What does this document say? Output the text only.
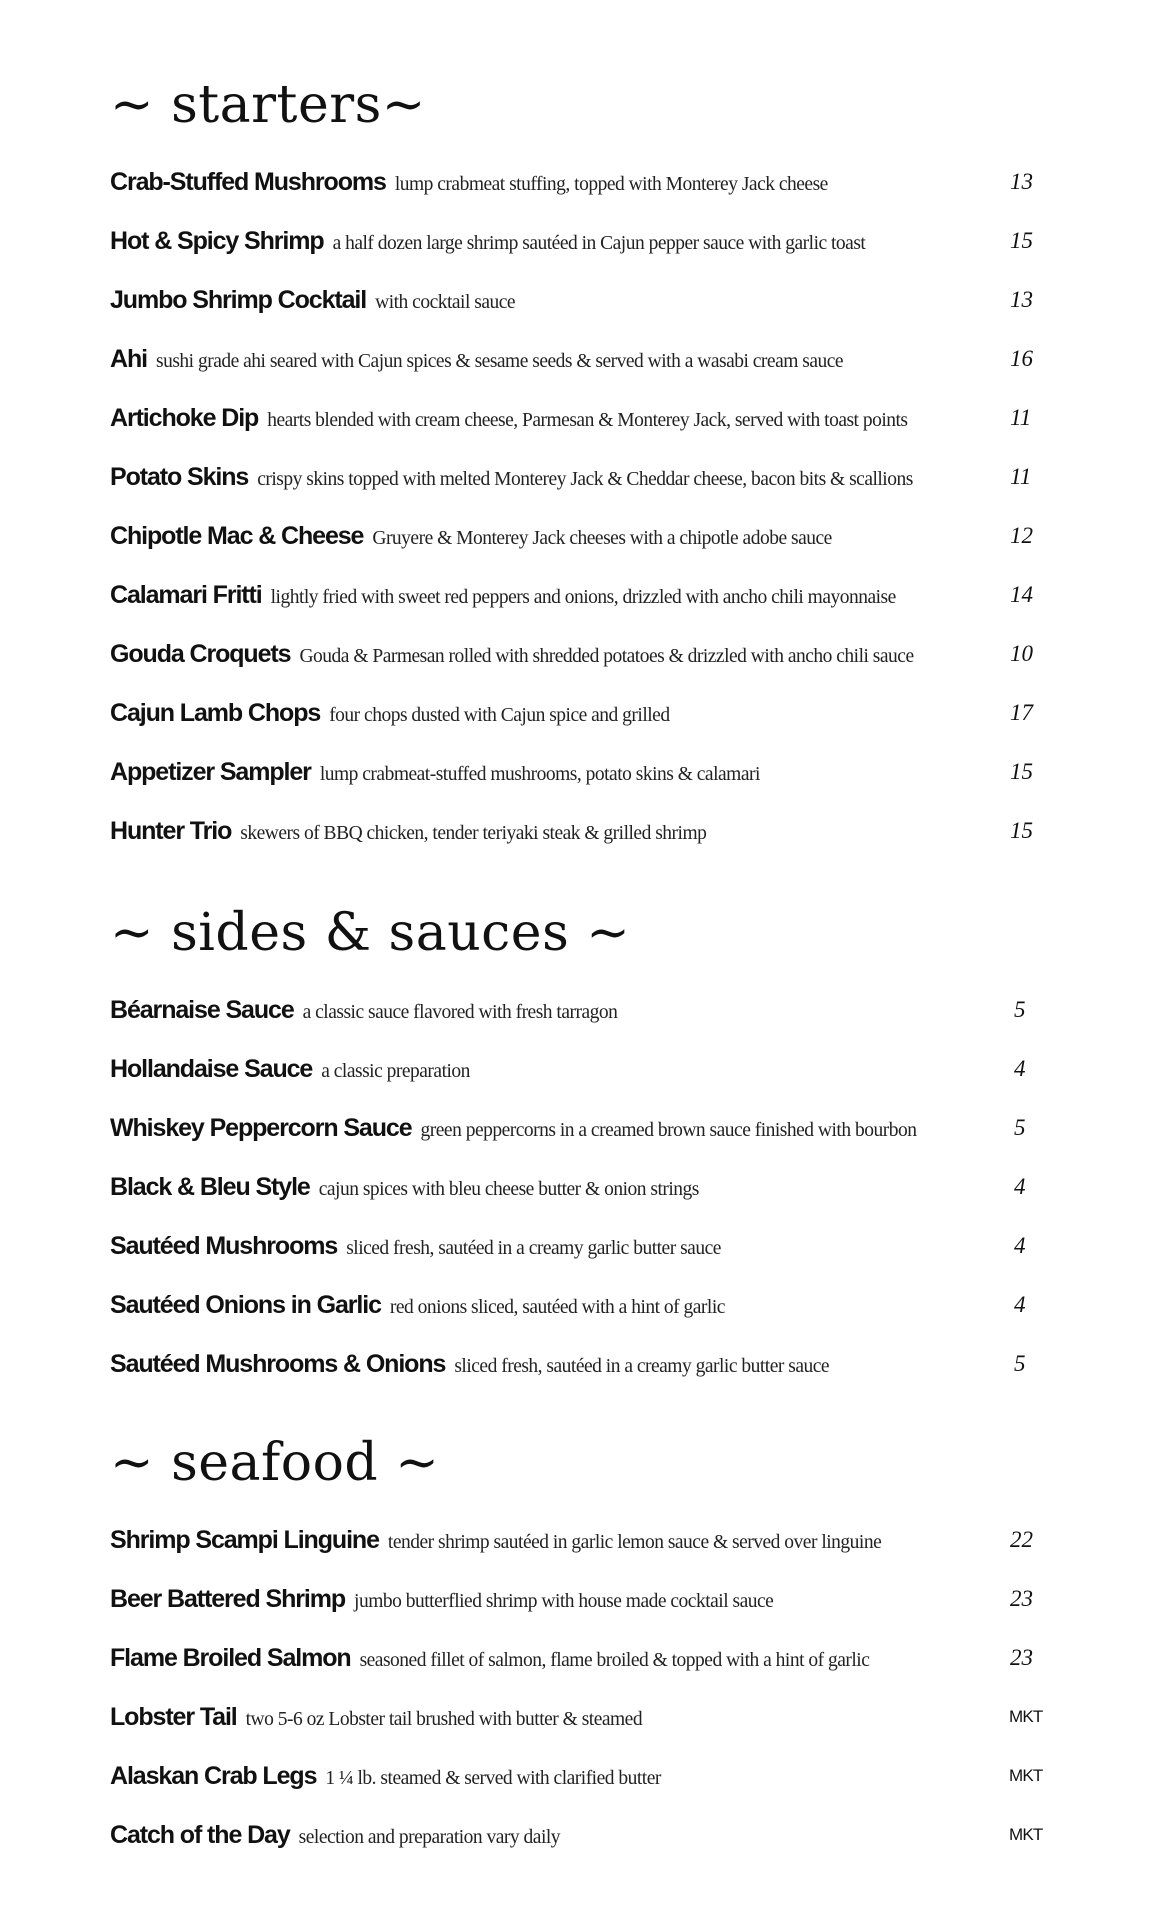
~ starters~
Crab-Stuffed Mushrooms lump crabmeat stuffing, topped with Monterey Jack cheese	13
Hot & Spicy Shrimp a half dozen large shrimp sautéed in Cajun pepper sauce with garlic toast	15
Jumbo Shrimp Cocktail with cocktail sauce	13
Ahi sushi grade ahi seared with Cajun spices & sesame seeds & served with a wasabi cream sauce	16
Artichoke Dip hearts blended with cream cheese, Parmesan & Monterey Jack, served with toast points	11
Potato Skins crispy skins topped with melted Monterey Jack & Cheddar cheese, bacon bits & scallions	11
Chipotle Mac & Cheese Gruyere & Monterey Jack cheeses with a chipotle adobe sauce	12
Calamari Fritti lightly fried with sweet red peppers and onions, drizzled with ancho chili mayonnaise	14
Gouda Croquets Gouda & Parmesan rolled with shredded potatoes & drizzled with ancho chili sauce	10
Cajun Lamb Chops four chops dusted with Cajun spice and grilled	17
Appetizer Sampler lump crabmeat-stuffed mushrooms, potato skins & calamari	15
Hunter Trio skewers of BBQ chicken, tender teriyaki steak & grilled shrimp	15
~ sides & sauces ~
Béarnaise Sauce a classic sauce flavored with fresh tarragon	5
Hollandaise Sauce a classic preparation	4
Whiskey Peppercorn Sauce green peppercorns in a creamed brown sauce finished with bourbon	5
Black & Bleu Style cajun spices with bleu cheese butter & onion strings	4
Sautéed Mushrooms sliced fresh, sautéed in a creamy garlic butter sauce	4
Sautéed Onions in Garlic red onions sliced, sautéed with a hint of garlic	4
Sautéed Mushrooms & Onions sliced fresh, sautéed in a creamy garlic butter sauce	5
~ seafood ~
Shrimp Scampi Linguine tender shrimp sautéed in garlic lemon sauce & served over linguine	22
Beer Battered Shrimp jumbo butterflied shrimp with house made cocktail sauce	23
Flame Broiled Salmon seasoned fillet of salmon, flame broiled & topped with a hint of garlic	23
Lobster Tail two 5-6 oz Lobster tail brushed with butter & steamed	MKT
Alaskan Crab Legs 1 ¼ lb. steamed & served with clarified butter	MKT
Catch of the Day selection and preparation vary daily	MKT
